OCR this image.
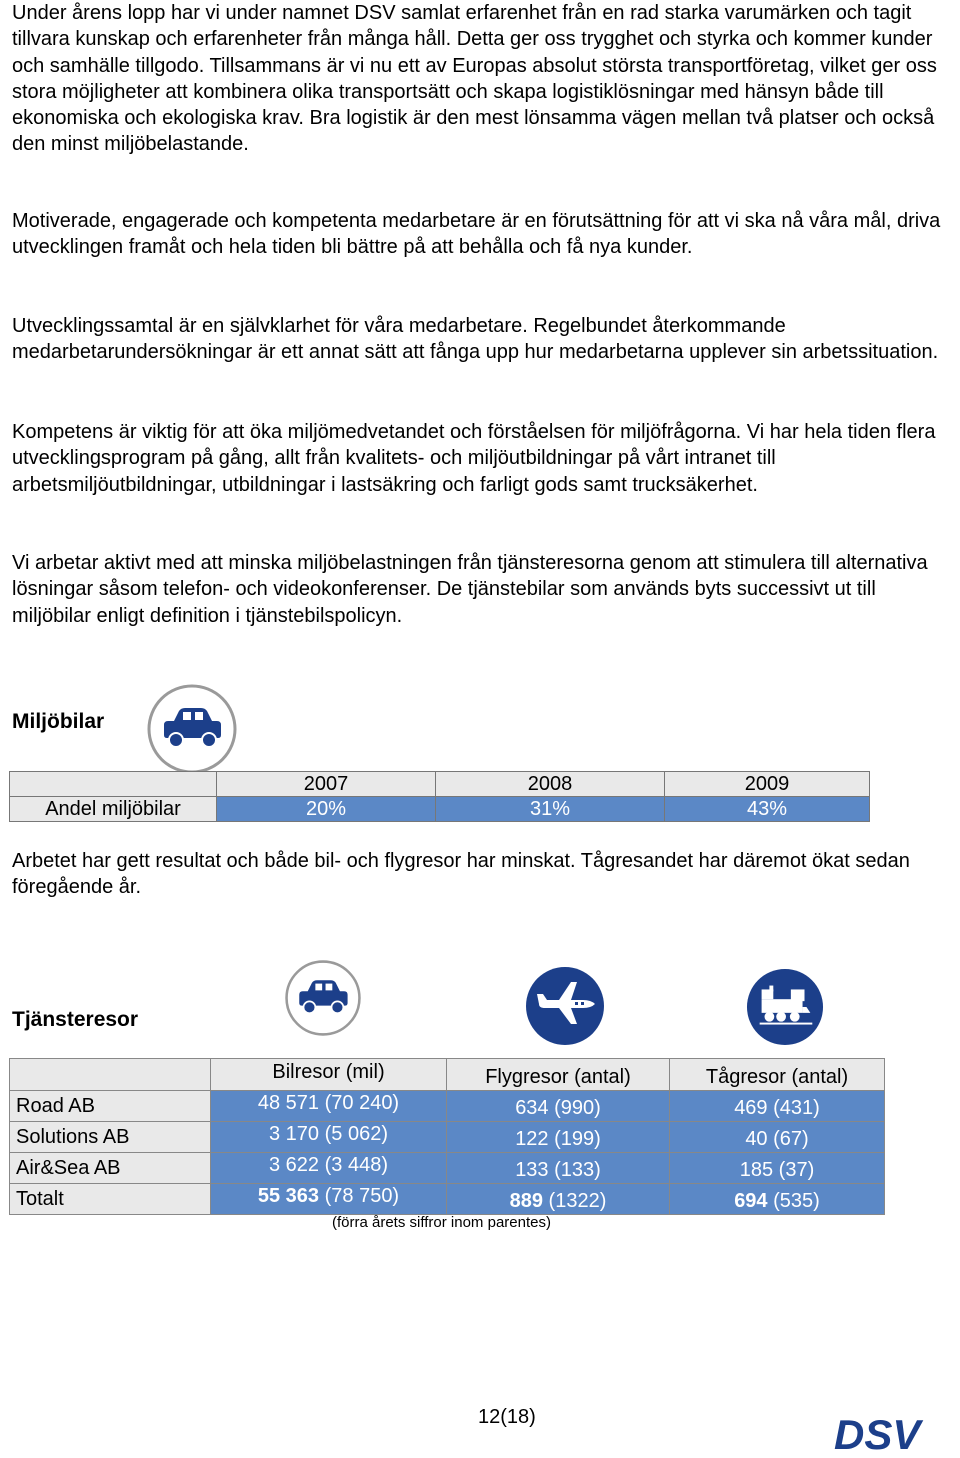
Under årens lopp har vi under namnet DSV samlat erfarenhet från en rad starka varumärken och tagit tillvara kunskap och erfarenheter från många håll. Detta ger oss trygghet och styrka och kommer kunder och samhälle tillgodo. Tillsammans är vi nu ett av Europas absolut största transportföretag, vilket ger oss stora möjligheter att kombinera olika transportsätt och skapa logistiklösningar med hänsyn både till ekonomiska och ekologiska krav. Bra logistik är den mest lönsamma vägen mellan två platser och också den minst miljöbelastande.

Motiverade, engagerade och kompetenta medarbetare är en förutsättning för att vi ska nå våra mål, driva utvecklingen framåt och hela tiden bli bättre på att behålla och få nya kunder.

Utvecklingssamtal är en självklarhet för våra medarbetare. Regelbundet återkommande medarbetarundersökningar är ett annat sätt att fånga upp hur medarbetarna upplever sin arbetssituation.

Kompetens är viktig för att öka miljömedvetandet och förståelsen för miljöfrågorna. Vi har hela tiden flera utvecklingsprogram på gång, allt från kvalitets- och miljöutbildningar på vårt intranet till arbetsmiljöutbildningar, utbildningar i lastsäkring och farligt gods samt trucksäkerhet.

Vi arbetar aktivt med att minska miljöbelastningen från tjänsteresorna genom att stimulera till alternativa lösningar såsom telefon- och videokonferenser. De tjänstebilar som används byts successivt ut till miljöbilar enligt definition i tjänstebilspolicyn.

Miljöbilar
	2007	2008	2009
Andel miljöbilar	20%	31%	43%

Arbetet har gett resultat och både bil- och flygresor har minskat. Tågresandet har däremot ökat sedan föregående år.

Tjänsteresor
	Bilresor (mil)	Flygresor (antal)	Tågresor (antal)
Road AB	48 571 (70 240)	634 (990)	469 (431)
Solutions AB	3 170 (5 062)	122 (199)	40 (67)
Air&Sea AB	3 622 (3 448)	133 (133)	185 (37)
Totalt	55 363 (78 750)	889 (1322)	694 (535)
(förra årets siffror inom parentes)
12(18)	DSV
